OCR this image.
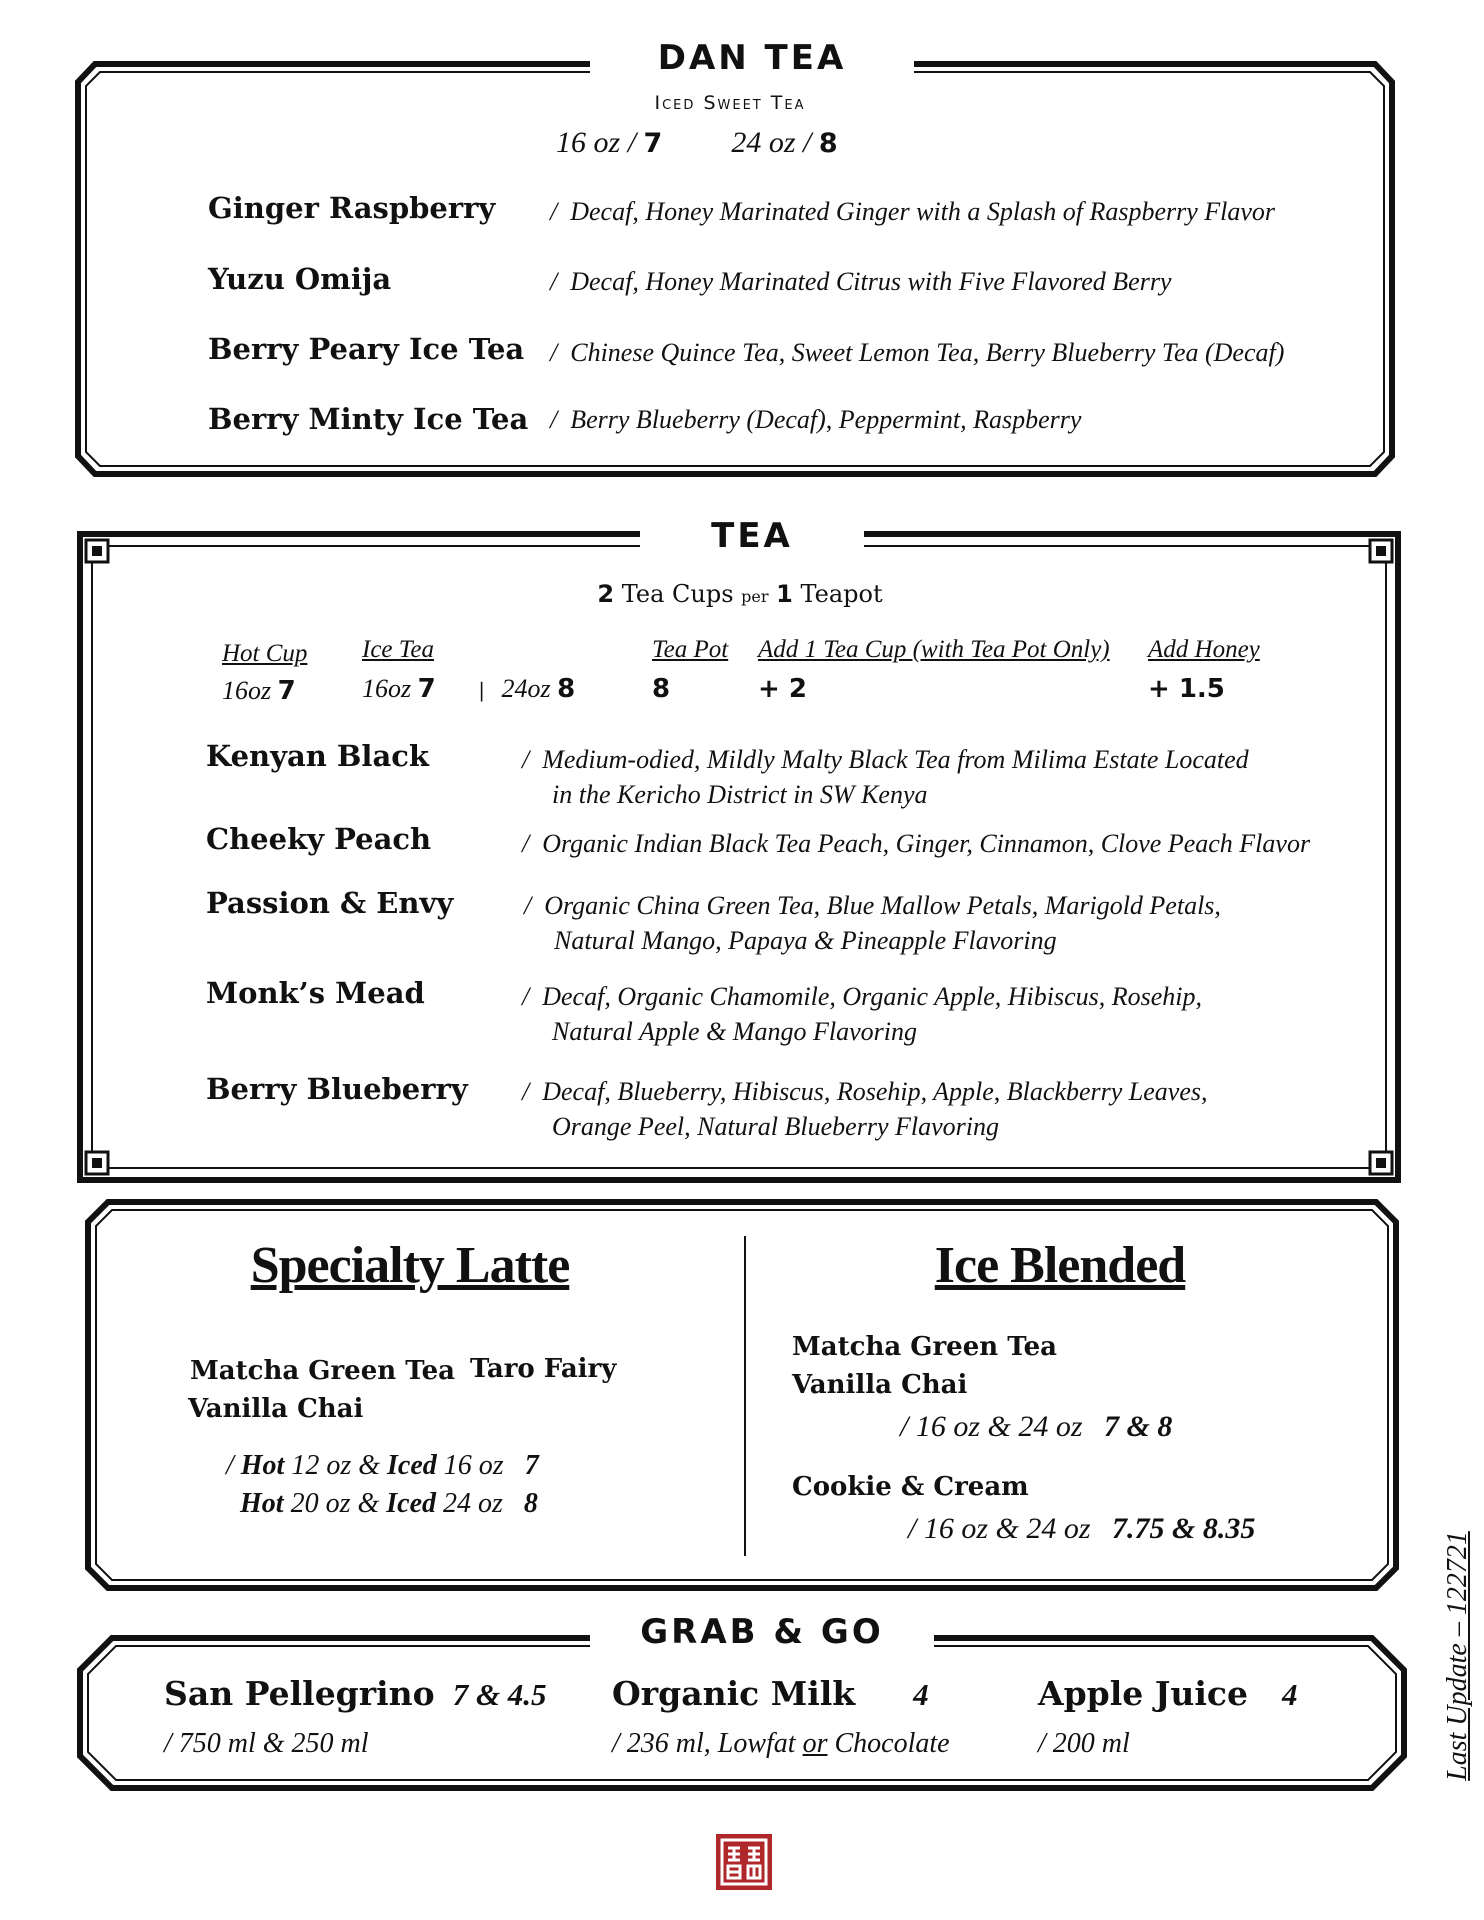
DAN TEA
Iced Sweet Tea
16 oz / 7 24 oz / 8
Ginger Raspberry /  Decaf, Honey Marinated Ginger with a Splash of Raspberry Flavor
Yuzu Omija	/  Decaf, Honey Marinated Citrus with Five Flavored Berry
Berry Peary Ice Tea /  Chinese Quince Tea, Sweet Lemon Tea, Berry Blueberry Tea (Decaf)
Berry Minty Ice Tea /  Berry Blueberry (Decaf), Peppermint, Raspberry
TEA
2 Tea Cups per 1 Teapot
Hot Cup
16oz 7
Ice Tea
16oz 7 | 24oz 8
Tea Pot
8
Add 1 Tea Cup (with Tea Pot Only)
+ 2
Add Honey
+ 1.5
Kenyan Black	/  Medium-odied, Mildly Malty Black Tea from Milima Estate Located
in the Kericho District in SW Kenya
Cheeky Peach	/  Organic Indian Black Tea Peach, Ginger, Cinnamon, Clove Peach Flavor
Passion & Envy	/  Organic China Green Tea, Blue Mallow Petals, Marigold Petals,
Natural Mango, Papaya & Pineapple Flavoring
Monk’s Mead	/  Decaf, Organic Chamomile, Organic Apple, Hibiscus, Rosehip,
Natural Apple & Mango Flavoring
Berry Blueberry /  Decaf, Blueberry, Hibiscus, Rosehip, Apple, Blackberry Leaves,
Orange Peel, Natural Blueberry Flavoring
Specialty Latte
Matcha Green Tea Taro Fairy
Vanilla Chai
/ Hot 12 oz & Iced 16 oz 7
Hot 20 oz & Iced 24 oz 8
Ice Blended
Matcha Green Tea
Vanilla Chai
/ 16 oz & 24 oz 7 & 8
Cookie & Cream
/ 16 oz & 24 oz 7.75 & 8.35
GRAB & GO
San Pellegrino 7 & 4.5
/ 750 ml & 250 ml
Organic Milk 4
/ 236 ml, Lowfat or Chocolate
Apple Juice 4
/ 200 ml	Last Update – 122721
